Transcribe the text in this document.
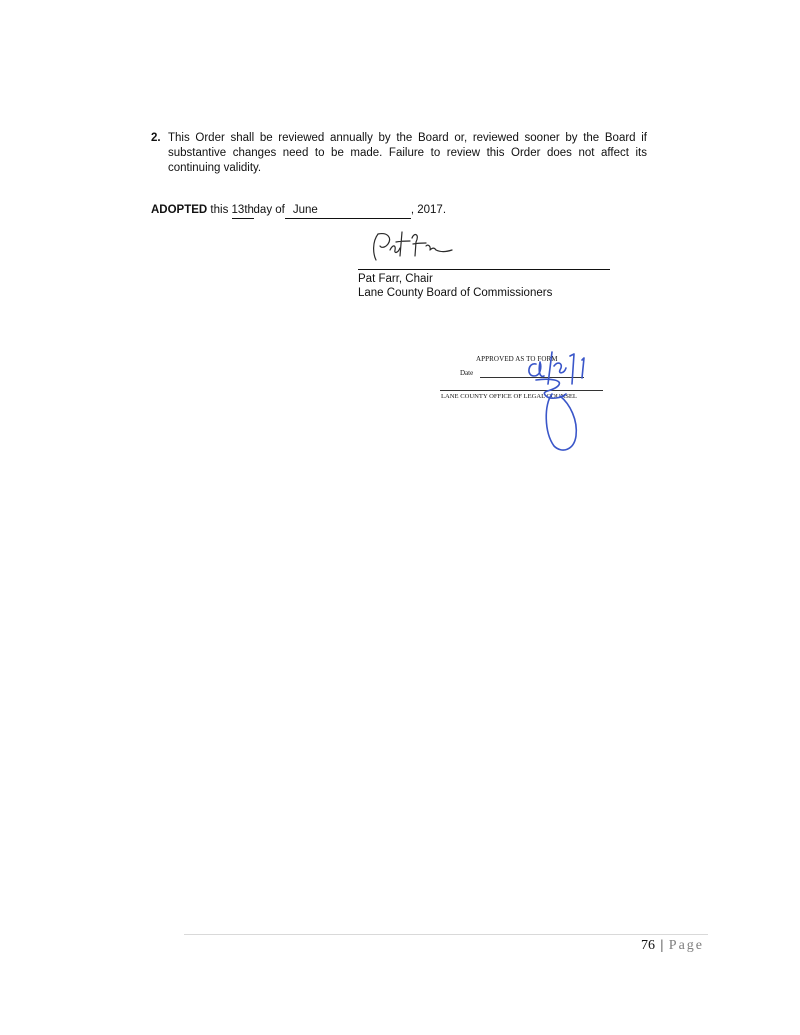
2. This Order shall be reviewed annually by the Board or, reviewed sooner by the Board if substantive changes need to be made. Failure to review this Order does not affect its continuing validity.
ADOPTED this 13thday of June	, 2017.
Pat Farr, Chair
Lane County Board of Commissioners
APPROVED AS TO FORM
Date
LANE COUNTY OFFICE OF LEGAL COUNSEL
76 | Page
